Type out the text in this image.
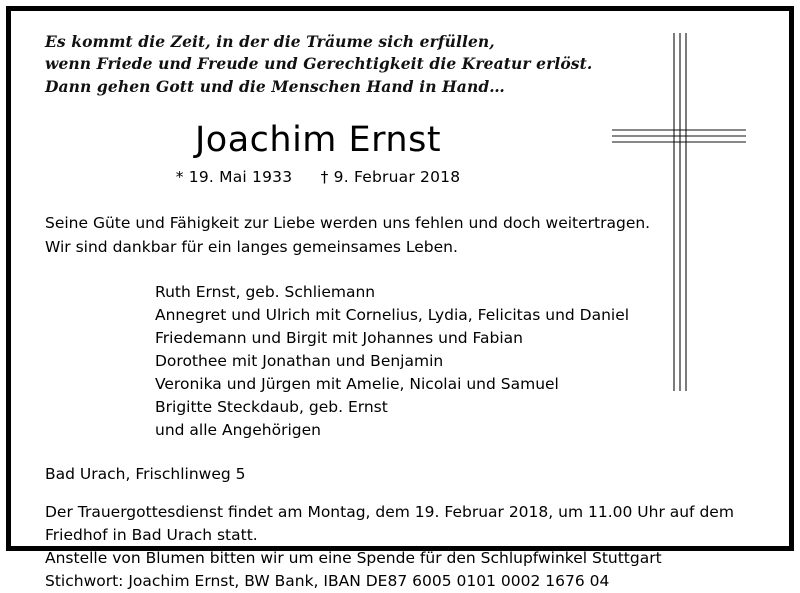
Es kommt die Zeit, in der die Träume sich erfüllen,
wenn Friede und Freude und Gerechtigkeit die Kreatur erlöst.
Dann gehen Gott und die Menschen Hand in Hand…
Joachim Ernst
* 19. Mai 1933 † 9. Februar 2018
Seine Güte und Fähigkeit zur Liebe werden uns fehlen und doch weitertragen.
Wir sind dankbar für ein langes gemeinsames Leben.
Ruth Ernst, geb. Schliemann
Annegret und Ulrich mit Cornelius, Lydia, Felicitas und Daniel
Friedemann und Birgit mit Johannes und Fabian
Dorothee mit Jonathan und Benjamin
Veronika und Jürgen mit Amelie, Nicolai und Samuel
Brigitte Steckdaub, geb. Ernst
und alle Angehörigen
Bad Urach, Frischlinweg 5
Der Trauergottesdienst findet am Montag, dem 19. Februar 2018, um 11.00 Uhr auf dem
Friedhof in Bad Urach statt.
Anstelle von Blumen bitten wir um eine Spende für den Schlupfwinkel Stuttgart
Stichwort: Joachim Ernst, BW Bank, IBAN DE87 6005 0101 0002 1676 04
